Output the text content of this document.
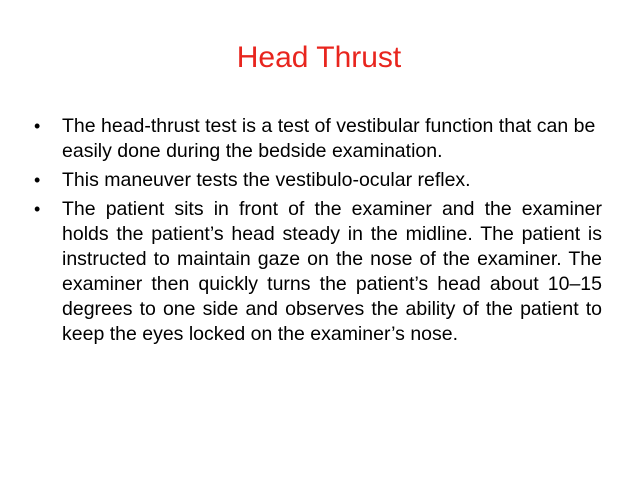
Head Thrust
•	The head-thrust test is a test of vestibular function that can be easily done during the bedside examination.
•	This maneuver tests the vestibulo-ocular reflex.
•	The patient sits in front of the examiner and the examiner holds the patient’s head steady in the midline. The patient is instructed to maintain gaze on the nose of the examiner. The examiner then quickly turns the patient’s head about 10–15 degrees to one side and observes the ability of the patient to keep the eyes locked on the examiner’s nose.
